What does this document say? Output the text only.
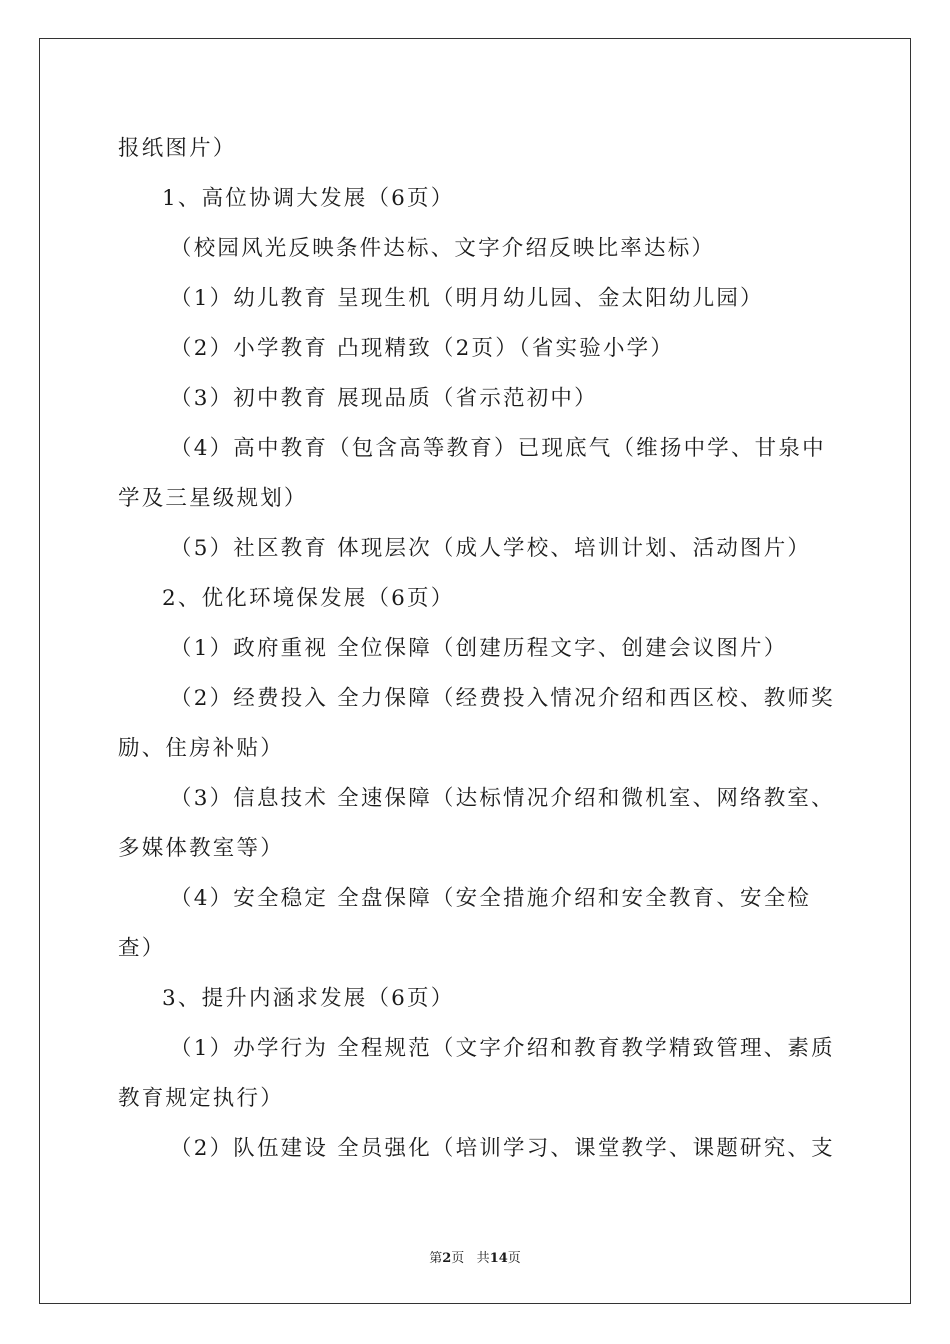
报纸图片）
1、高位协调大发展（6页）
（校园风光反映条件达标、文字介绍反映比率达标）
（1）幼儿教育 呈现生机（明月幼儿园、金太阳幼儿园）
（2）小学教育 凸现精致（2页）（省实验小学）
（3）初中教育 展现品质（省示范初中）
（4）高中教育（包含高等教育）已现底气（维扬中学、甘泉中
学及三星级规划）
（5）社区教育 体现层次（成人学校、培训计划、活动图片）
2、优化环境保发展（6页）
（1）政府重视 全位保障（创建历程文字、创建会议图片）
（2）经费投入 全力保障（经费投入情况介绍和西区校、教师奖
励、住房补贴）
（3）信息技术 全速保障（达标情况介绍和微机室、网络教室、
多媒体教室等）
（4）安全稳定 全盘保障（安全措施介绍和安全教育、安全检
查）
3、提升内涵求发展（6页）
（1）办学行为 全程规范（文字介绍和教育教学精致管理、素质
教育规定执行）
（2）队伍建设 全员强化（培训学习、课堂教学、课题研究、支
第2页 共14页
